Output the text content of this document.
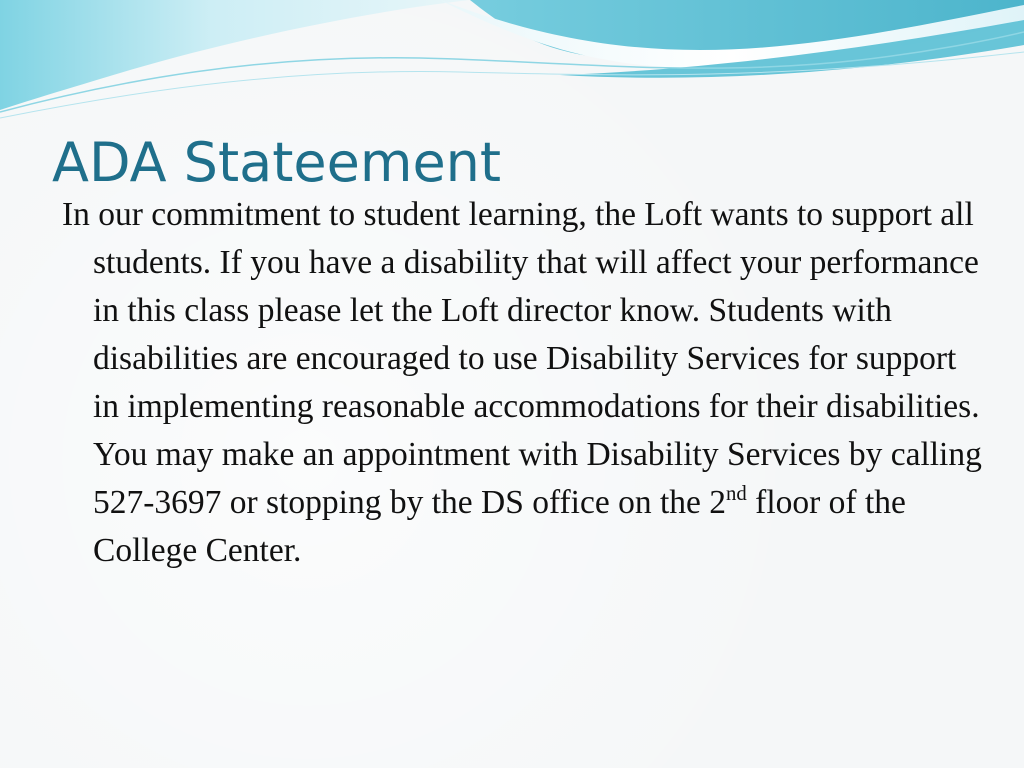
ADA Stateement

In our commitment to student learning, the Loft wants to support all students. If you have a disability that will affect your performance in this class please let the Loft director know. Students with disabilities are encouraged to use Disability Services for support in implementing reasonable accommodations for their disabilities. You may make an appointment with Disability Services by calling 527-3697 or stopping by the DS office on the 2nd floor of the College Center.
